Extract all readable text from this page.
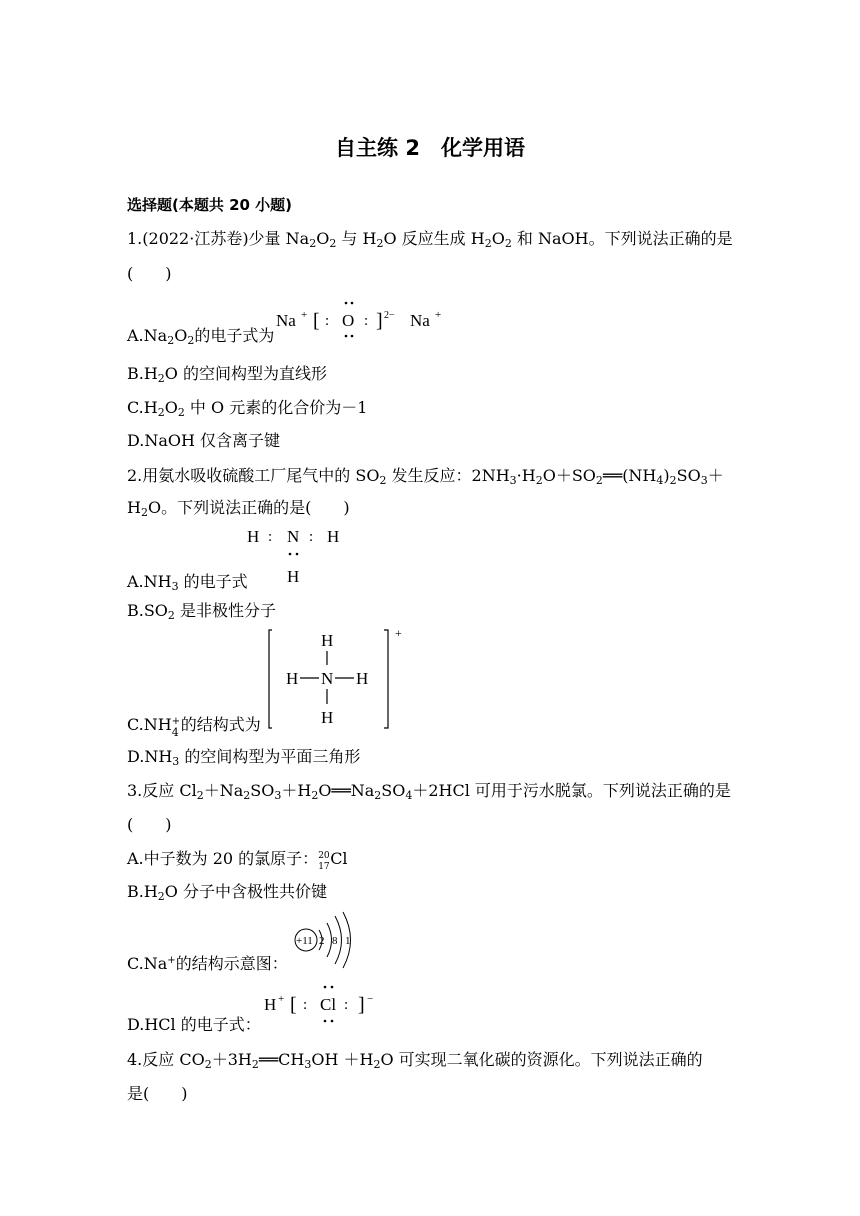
自主练 2　化学用语
选择题(本题共 20 小题)
1.(2022·江苏卷)少量 $Na_2O_2$ 与 $H_2O$ 反应生成 $H_2O_2$ 和 NaOH。下列说法正确的是
(　　)
$A.Na_2O_2$的电子式为
Na + [ : O : ] 2− Na +
$B.H_2O$ 的空间构型为直线形
$C.H_2O_2$ 中 O 元素的化合价为－1
D.NaOH 仅含离子键
2.用氨水吸收硫酸工厂尾气中的 $SO_2$ 发生反应：$2NH_3\cdot H_2O+SO_2══(NH_4)_2SO_3+$
$H_2O$。下列说法正确的是(　　)
H : N : H
H
$A.NH_3$ 的电子式
$B.SO_2$ 是非极性分子
+
H
H N H
H
C.NH +
4 的结构式为
$D.NH_3$ 的空间构型为平面三角形
3.反应 $Cl_2+Na_2SO_3+H_2O══Na_2SO_4+2HCl$ 可用于污水脱氯。下列说法正确的是
(　　)
A.中子数为 20 的氯原子： 20
17 Cl
$B.H_2O$ 分子中含极性共价键
+11 2 8 1
C.Na+的结构示意图：
H + [ : Cl : ] −
D.HCl 的电子式：
4.反应 $CO_2+3H_2══CH_3OH +H_2O$ 可实现二氧化碳的资源化。下列说法正确的
是(　　)
